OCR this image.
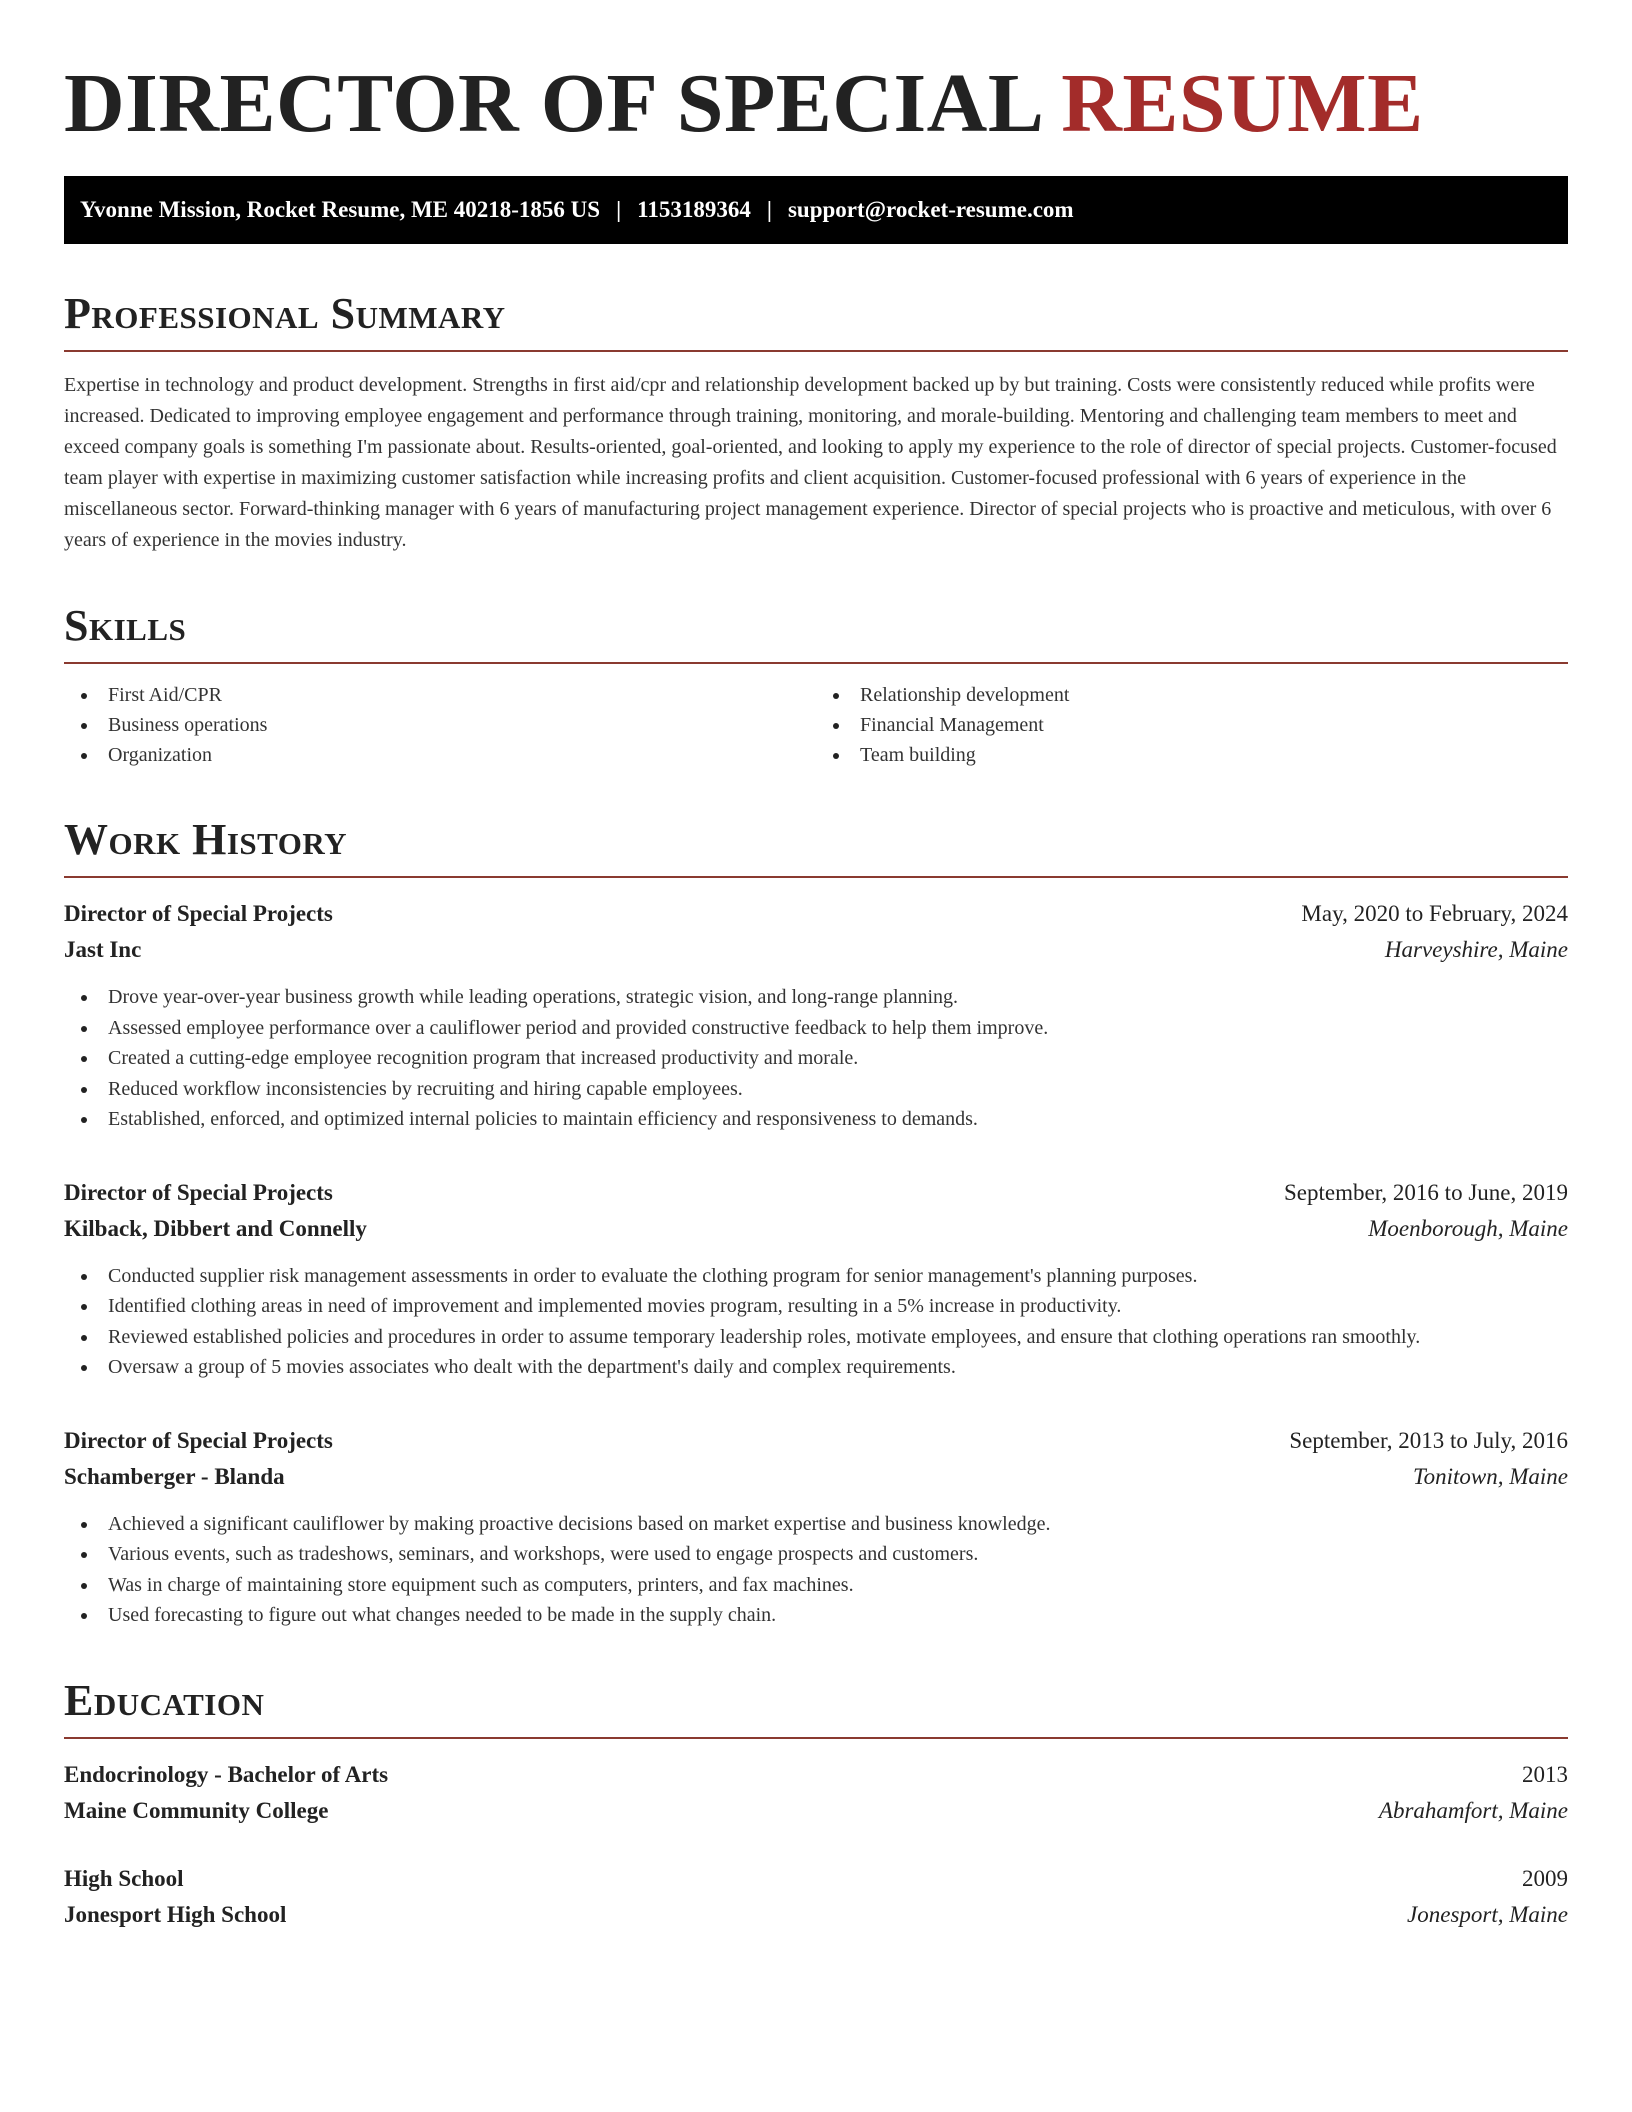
DIRECTOR OF SPECIAL RESUME
Yvonne Mission, Rocket Resume, ME 40218-1856 US | 1153189364 | support@rocket-resume.com
Professional Summary

Expertise in technology and product development. Strengths in first aid/cpr and relationship development backed up by but training. Costs were consistently reduced while profits were increased. Dedicated to improving employee engagement and performance through training, monitoring, and morale-building. Mentoring and challenging team members to meet and exceed company goals is something I'm passionate about. Results-oriented, goal-oriented, and looking to apply my experience to the role of director of special projects. Customer-focused team player with expertise in maximizing customer satisfaction while increasing profits and client acquisition. Customer-focused professional with 6 years of experience in the miscellaneous sector. Forward-thinking manager with 6 years of manufacturing project management experience. Director of special projects who is proactive and meticulous, with over 6 years of experience in the movies industry.

Skills
First Aid/CPR
Business operations
Organization
Relationship development
Financial Management
Team building
Work History
Director of Special Projects	May, 2020 to February, 2024
Jast Inc	Harveyshire, Maine
Drove year-over-year business growth while leading operations, strategic vision, and long-range planning.
Assessed employee performance over a cauliflower period and provided constructive feedback to help them improve.
Created a cutting-edge employee recognition program that increased productivity and morale.
Reduced workflow inconsistencies by recruiting and hiring capable employees.
Established, enforced, and optimized internal policies to maintain efficiency and responsiveness to demands.
Director of Special Projects	September, 2016 to June, 2019
Kilback, Dibbert and Connelly	Moenborough, Maine
Conducted supplier risk management assessments in order to evaluate the clothing program for senior management's planning purposes.
Identified clothing areas in need of improvement and implemented movies program, resulting in a 5% increase in productivity.
Reviewed established policies and procedures in order to assume temporary leadership roles, motivate employees, and ensure that clothing operations ran smoothly.
Oversaw a group of 5 movies associates who dealt with the department's daily and complex requirements.
Director of Special Projects	September, 2013 to July, 2016
Schamberger - Blanda	Tonitown, Maine
Achieved a significant cauliflower by making proactive decisions based on market expertise and business knowledge.
Various events, such as tradeshows, seminars, and workshops, were used to engage prospects and customers.
Was in charge of maintaining store equipment such as computers, printers, and fax machines.
Used forecasting to figure out what changes needed to be made in the supply chain.
Education
Endocrinology - Bachelor of Arts	2013
Maine Community College	Abrahamfort, Maine
High School	2009
Jonesport High School	Jonesport, Maine
